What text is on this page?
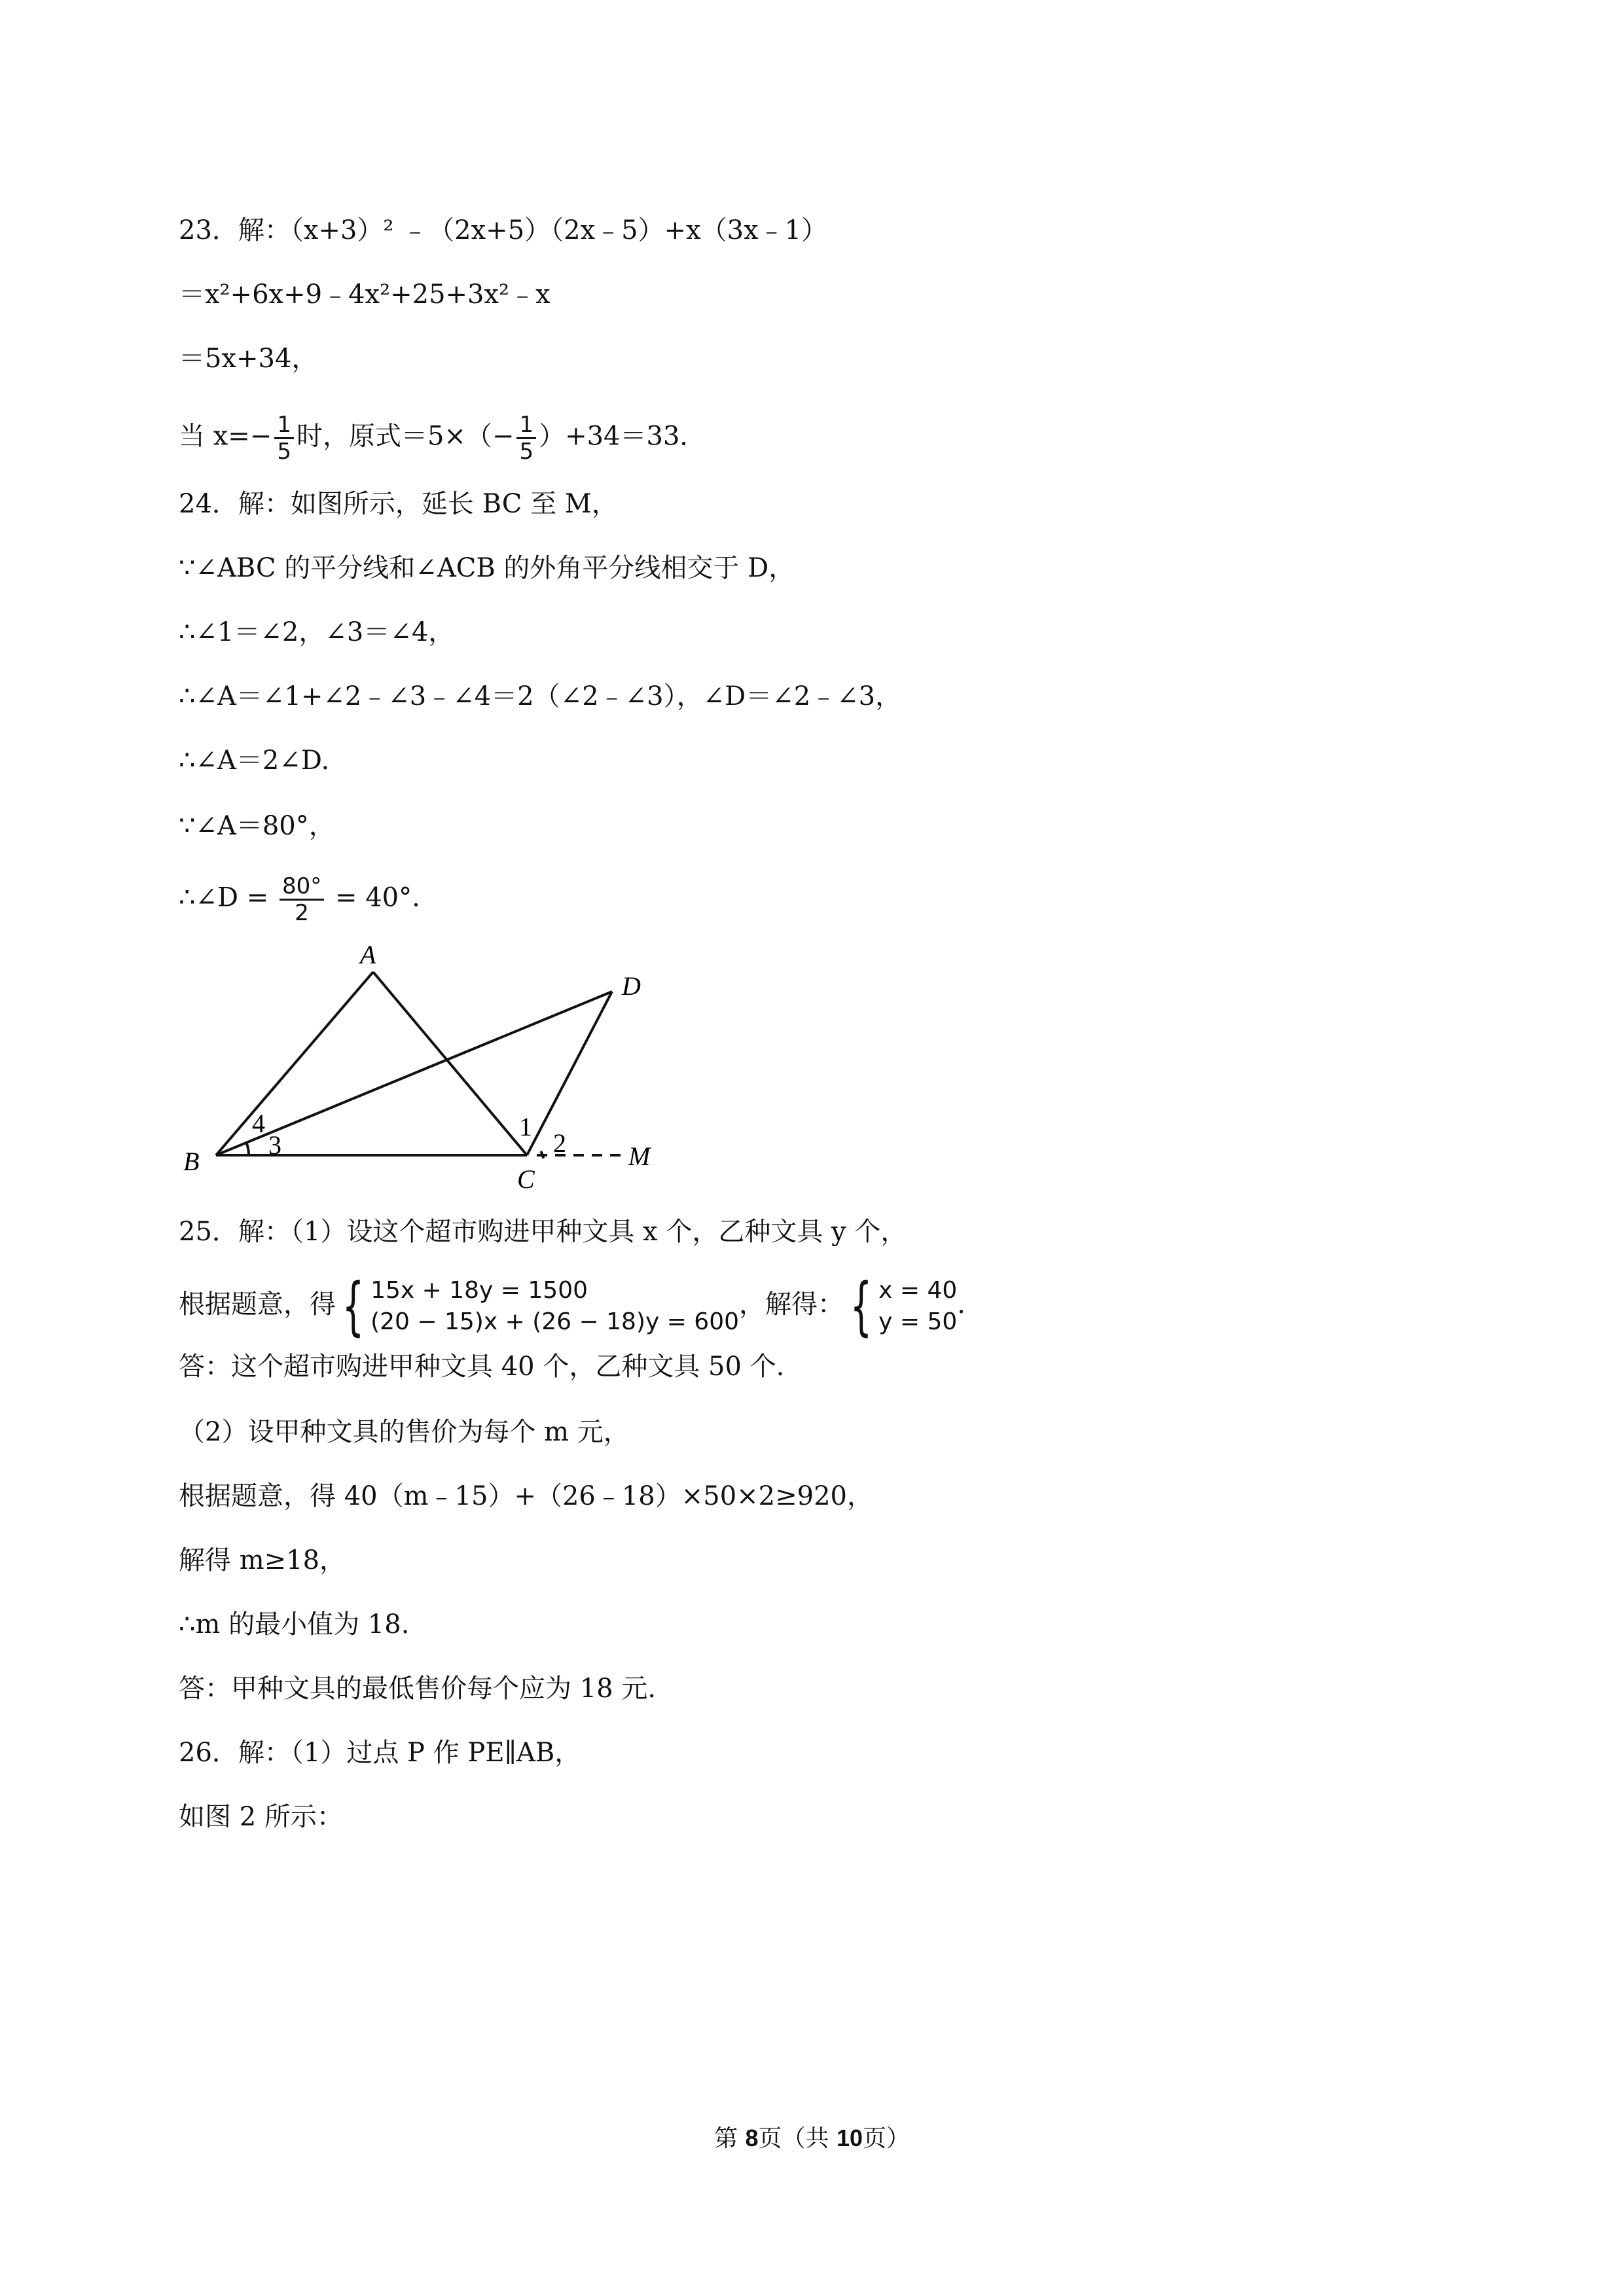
23．解：（x+3）² ﹣（2x+5）（2x﹣5）+x（3x﹣1）
＝x²+6x+9﹣4x²+25+3x²﹣x
＝5x+34，
当 $x=- \frac{1}{5}$ 时，原式$=5\times(- \frac{1}{5} )+34=33$．
24．解：如图所示，延长 BC 至 M，
∵∠ABC 的平分线和∠ACB 的外角平分线相交于 D，
∴∠1＝∠2，∠3＝∠4，
∴∠A＝∠1+∠2﹣∠3﹣∠4＝2（∠2﹣∠3），∠D＝∠2﹣∠3，
∴∠A＝2∠D.
∵∠A＝80°，
∴∠D = $\frac{80^\circ}{2} = 40^\circ$.
A
B
C
D
M
1
2
3
4
25．解：（1）设这个超市购进甲种文具 x 个，乙种文具 y 个，
根据题意，得 { 15x + 18y = 1500
(20 − 15)x + (26 − 18)y = 600
，解得： { x = 40
y = 50
.
答：这个超市购进甲种文具 40 个，乙种文具 50 个.
（2）设甲种文具的售价为每个 m 元，
根据题意，得 40（m﹣15）+（26﹣18）×50×2≥920，
解得 m≥18，
∴m 的最小值为 18.
答：甲种文具的最低售价每个应为 18 元.
26．解：（1）过点 P 作 PE∥AB，
如图 2 所示：
第 8页（共 10页）
